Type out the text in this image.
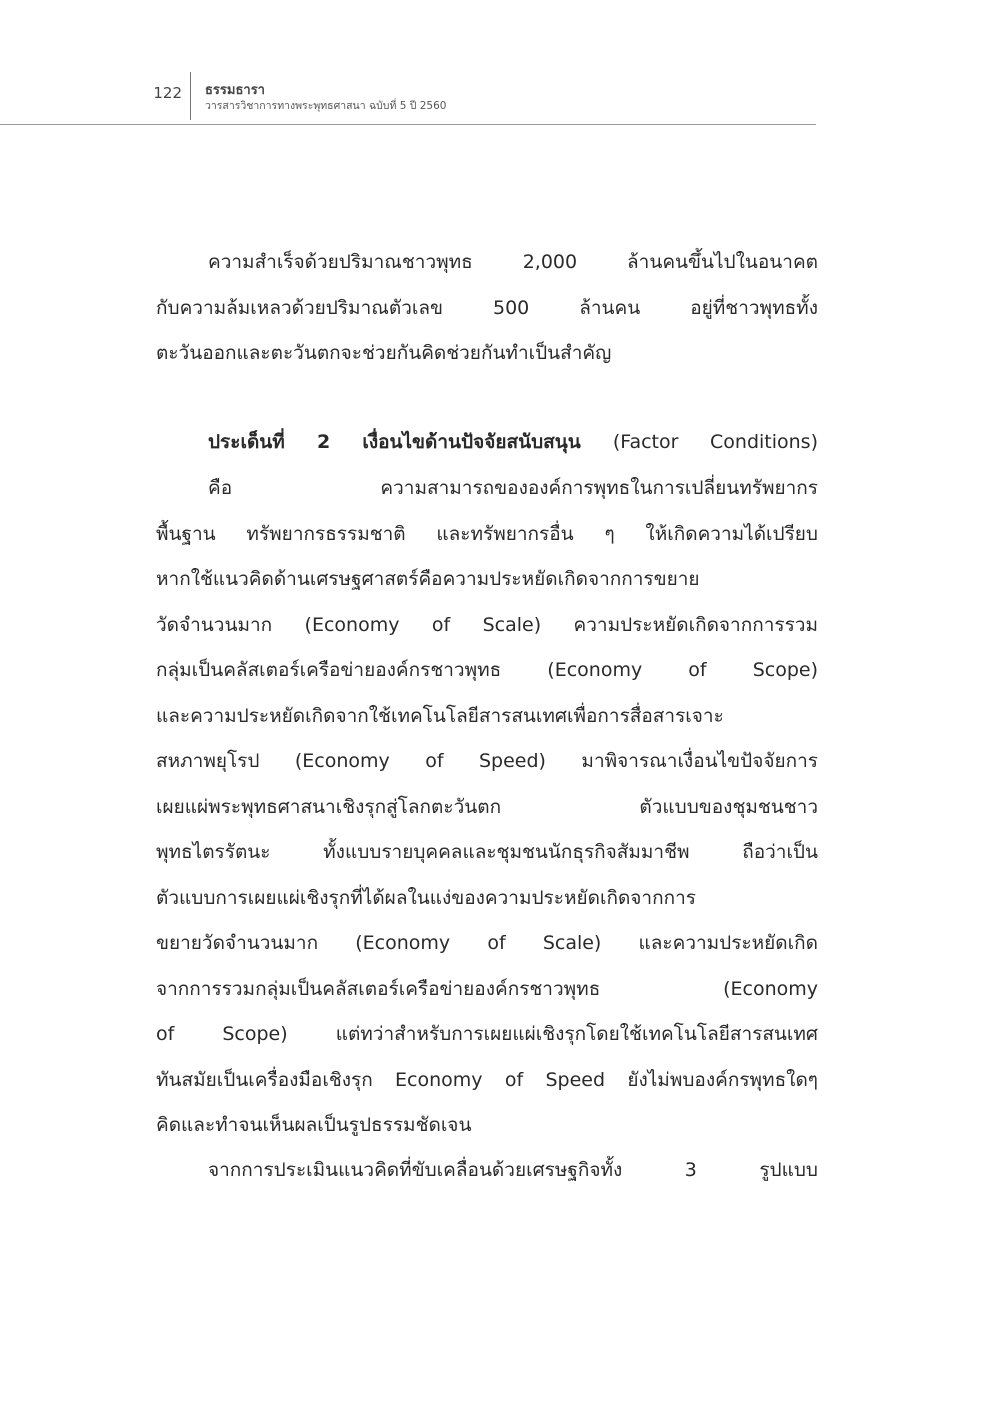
122 ธรรมธารา
วารสารวิชาการทางพระพุทธศาสนา ฉบับที่ 5 ปี 2560
ความสำเร็จด้วยปริมาณชาวพุทธ 2,000 ล้านคนขึ้นไปในอนาคต
กับความล้มเหลวด้วยปริมาณตัวเลข 500 ล้านคน อยู่ที่ชาวพุทธทั้ง
ตะวันออกและตะวันตกจะช่วยกันคิดช่วยกันทำเป็นสำคัญ
ประเด็นที่ 2 เงื่อนไขด้านปัจจัยสนับสนุน (Factor Conditions)
คือ ความสามารถขององค์การพุทธในการเปลี่ยนทรัพยากร
พื้นฐาน ทรัพยากรธรรมชาติ และทรัพยากรอื่น ๆ ให้เกิดความได้เปรียบ
หากใช้แนวคิดด้านเศรษฐศาสตร์คือความประหยัดเกิดจากการขยาย
วัดจำนวนมาก (Economy of Scale) ความประหยัดเกิดจากการรวม
กลุ่มเป็นคลัสเตอร์เครือข่ายองค์กรชาวพุทธ (Economy of Scope)
และความประหยัดเกิดจากใช้เทคโนโลยีสารสนเทศเพื่อการสื่อสารเจาะ
สหภาพยุโรป (Economy of Speed) มาพิจารณาเงื่อนไขปัจจัยการ
เผยแผ่พระพุทธศาสนาเชิงรุกสู่โลกตะวันตก ตัวแบบของชุมชนชาว
พุทธไตรรัตนะ ทั้งแบบรายบุคคลและชุมชนนักธุรกิจสัมมาชีพ ถือว่าเป็น
ตัวแบบการเผยแผ่เชิงรุกที่ได้ผลในแง่ของความประหยัดเกิดจากการ
ขยายวัดจำนวนมาก (Economy of Scale) และความประหยัดเกิด
จากการรวมกลุ่มเป็นคลัสเตอร์เครือข่ายองค์กรชาวพุทธ (Economy
of Scope) แต่ทว่าสำหรับการเผยแผ่เชิงรุกโดยใช้เทคโนโลยีสารสนเทศ
ทันสมัยเป็นเครื่องมือเชิงรุก Economy of Speed ยังไม่พบองค์กรพุทธใดๆ
คิดและทำจนเห็นผลเป็นรูปธรรมชัดเจน
จากการประเมินแนวคิดที่ขับเคลื่อนด้วยเศรษฐกิจทั้ง 3 รูปแบบ
